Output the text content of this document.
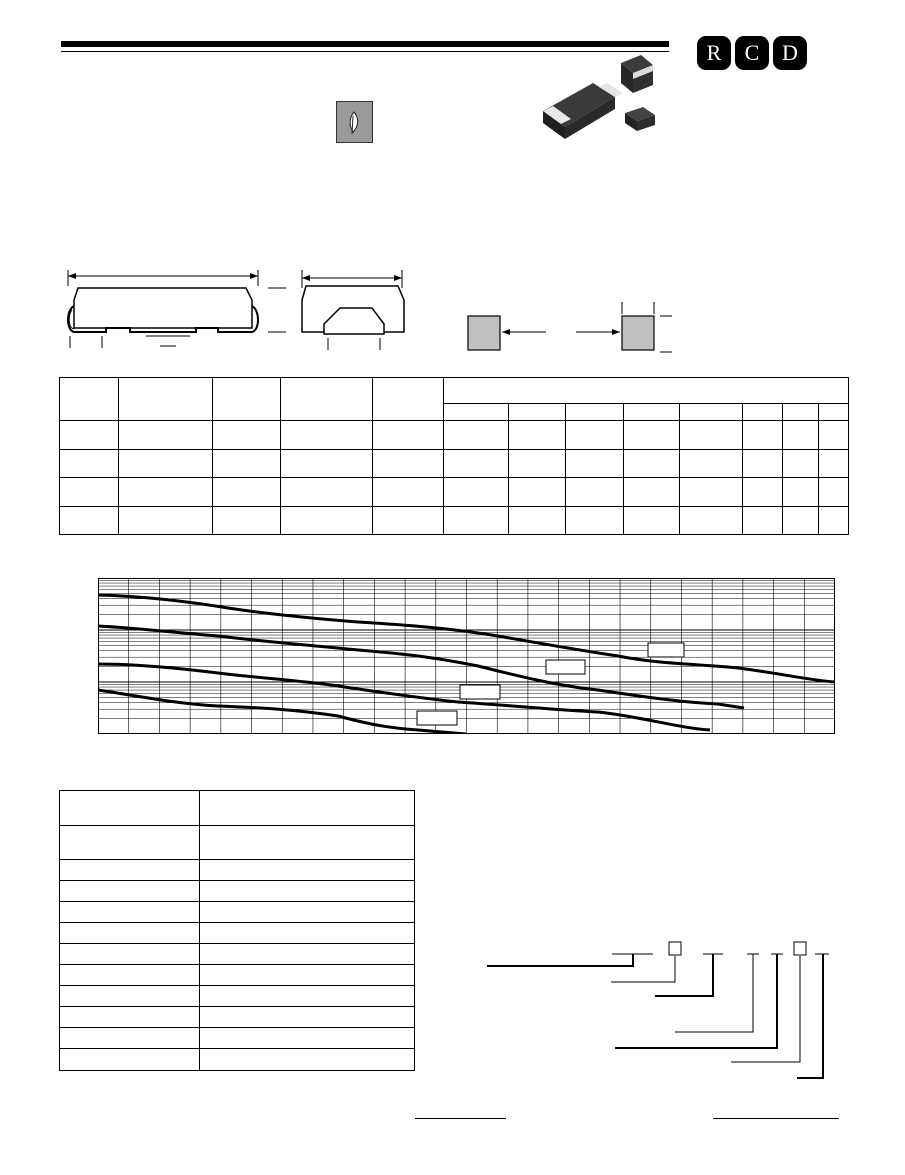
R	C	D
